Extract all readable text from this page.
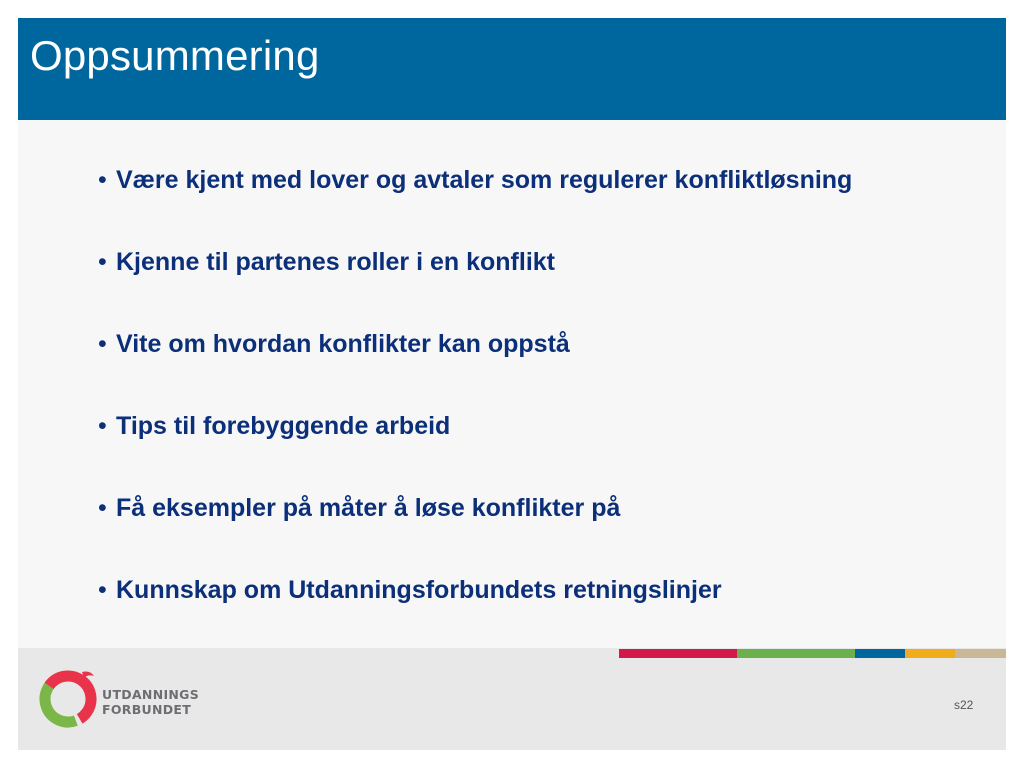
Oppsummering
• Være kjent med lover og avtaler som regulerer konfliktløsning
• Kjenne til partenes roller i en konflikt
• Vite om hvordan konflikter kan oppstå
• Tips til forebyggende arbeid
• Få eksempler på måter å løse konflikter på
• Kunnskap om Utdanningsforbundets retningslinjer
UTDANNINGS
FORBUNDET	s22
